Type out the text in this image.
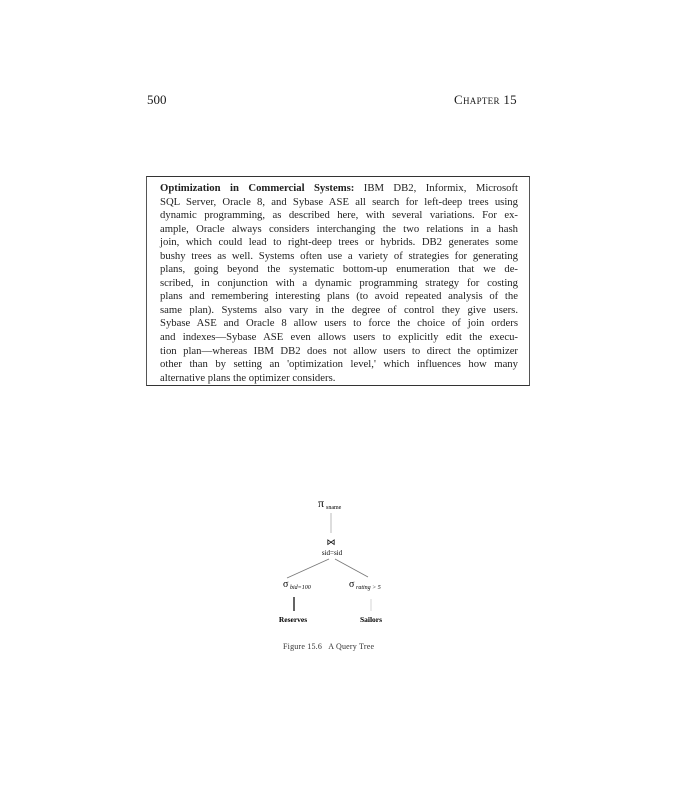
500	Chapter 15
Optimization in Commercial Systems: IBM DB2, Informix, Microsoft
SQL Server, Oracle 8, and Sybase ASE all search for left-deep trees using
dynamic programming, as described here, with several variations. For ex-
ample, Oracle always considers interchanging the two relations in a hash
join, which could lead to right-deep trees or hybrids. DB2 generates some
bushy trees as well. Systems often use a variety of strategies for generating
plans, going beyond the systematic bottom-up enumeration that we de-
scribed, in conjunction with a dynamic programming strategy for costing
plans and remembering interesting plans (to avoid repeated analysis of the
same plan). Systems also vary in the degree of control they give users.
Sybase ASE and Oracle 8 allow users to force the choice of join orders
and indexes—Sybase ASE even allows users to explicitly edit the execu-
tion plan—whereas IBM DB2 does not allow users to direct the optimizer
other than by setting an 'optimization level,' which influences how many
alternative plans the optimizer considers.
π sname
⋈
sid=sid
σ bid=100	σ rating > 5
Reserves	Sailors
Figure 15.6   A Query Tree
